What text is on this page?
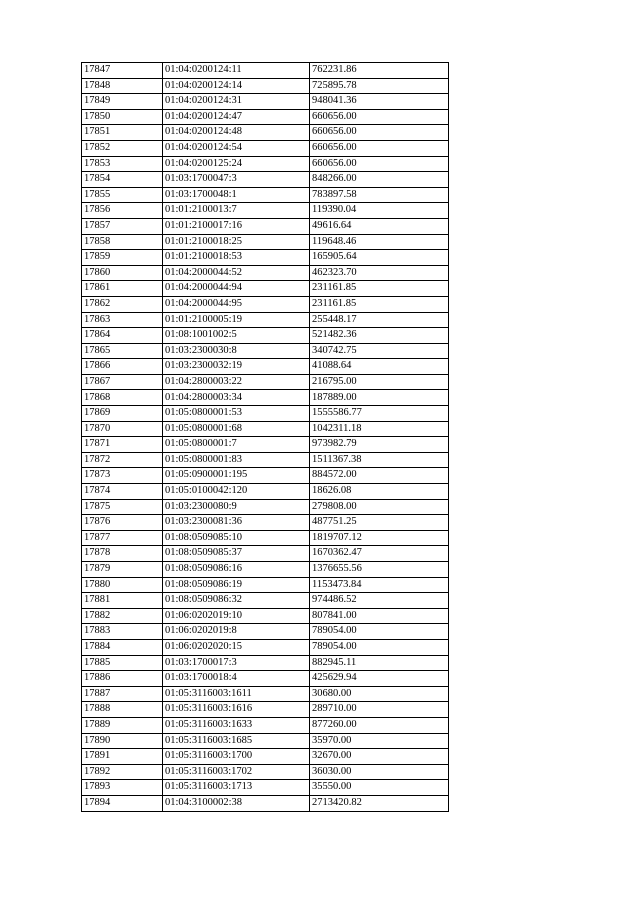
17847	01:04:0200124:11	762231.86
17848	01:04:0200124:14	725895.78
17849	01:04:0200124:31	948041.36
17850	01:04:0200124:47	660656.00
17851	01:04:0200124:48	660656.00
17852	01:04:0200124:54	660656.00
17853	01:04:0200125:24	660656.00
17854	01:03:1700047:3	848266.00
17855	01:03:1700048:1	783897.58
17856	01:01:2100013:7	119390.04
17857	01:01:2100017:16	49616.64
17858	01:01:2100018:25	119648.46
17859	01:01:2100018:53	165905.64
17860	01:04:2000044:52	462323.70
17861	01:04:2000044:94	231161.85
17862	01:04:2000044:95	231161.85
17863	01:01:2100005:19	255448.17
17864	01:08:1001002:5	521482.36
17865	01:03:2300030:8	340742.75
17866	01:03:2300032:19	41088.64
17867	01:04:2800003:22	216795.00
17868	01:04:2800003:34	187889.00
17869	01:05:0800001:53	1555586.77
17870	01:05:0800001:68	1042311.18
17871	01:05:0800001:7	973982.79
17872	01:05:0800001:83	1511367.38
17873	01:05:0900001:195	884572.00
17874	01:05:0100042:120	18626.08
17875	01:03:2300080:9	279808.00
17876	01:03:2300081:36	487751.25
17877	01:08:0509085:10	1819707.12
17878	01:08:0509085:37	1670362.47
17879	01:08:0509086:16	1376655.56
17880	01:08:0509086:19	1153473.84
17881	01:08:0509086:32	974486.52
17882	01:06:0202019:10	807841.00
17883	01:06:0202019:8	789054.00
17884	01:06:0202020:15	789054.00
17885	01:03:1700017:3	882945.11
17886	01:03:1700018:4	425629.94
17887	01:05:3116003:1611	30680.00
17888	01:05:3116003:1616	289710.00
17889	01:05:3116003:1633	877260.00
17890	01:05:3116003:1685	35970.00
17891	01:05:3116003:1700	32670.00
17892	01:05:3116003:1702	36030.00
17893	01:05:3116003:1713	35550.00
17894	01:04:3100002:38	2713420.82
